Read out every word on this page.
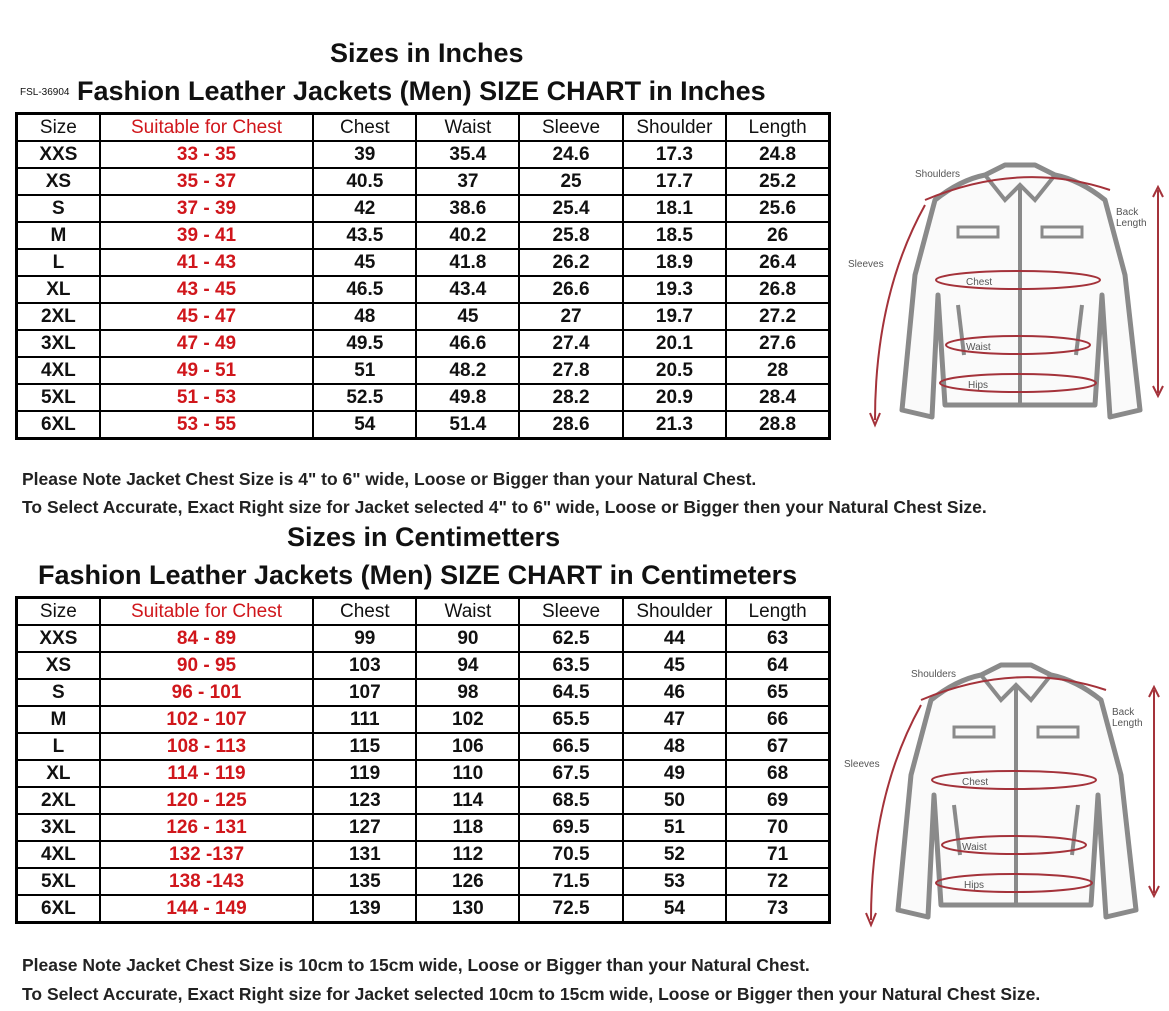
Sizes in Inches
FSL-36904 Fashion Leather Jackets (Men) SIZE CHART in Inches
Size	Suitable for Chest	Chest	Waist	Sleeve	Shoulder	Length
XXS	33 - 35	39	35.4	24.6	17.3	24.8
XS	35 - 37	40.5	37	25	17.7	25.2
S	37 - 39	42	38.6	25.4	18.1	25.6
M	39 - 41	43.5	40.2	25.8	18.5	26
L	41 - 43	45	41.8	26.2	18.9	26.4
XL	43 - 45	46.5	43.4	26.6	19.3	26.8
2XL	45 - 47	48	45	27	19.7	27.2
3XL	47 - 49	49.5	46.6	27.4	20.1	27.6
4XL	49 - 51	51	48.2	27.8	20.5	28
5XL	51 - 53	52.5	49.8	28.2	20.9	28.4
6XL	53 - 55	54	51.4	28.6	21.3	28.8
Please Note Jacket Chest Size is 4" to 6" wide, Loose or Bigger than your Natural Chest.
To Select Accurate, Exact Right size for Jacket selected 4" to 6" wide, Loose or Bigger then your Natural Chest Size.
Sizes in Centimetters
Fashion Leather Jackets (Men) SIZE CHART in Centimeters
Size	Suitable for Chest	Chest	Waist	Sleeve	Shoulder	Length
XXS	84 - 89	99	90	62.5	44	63
XS	90 - 95	103	94	63.5	45	64
S	96 - 101	107	98	64.5	46	65
M	102 - 107	111	102	65.5	47	66
L	108 - 113	115	106	66.5	48	67
XL	114 - 119	119	110	67.5	49	68
2XL	120 - 125	123	114	68.5	50	69
3XL	126 - 131	127	118	69.5	51	70
4XL	132 -137	131	112	70.5	52	71
5XL	138 -143	135	126	71.5	53	72
6XL	144 - 149	139	130	72.5	54	73
Please Note Jacket Chest Size is 10cm to 15cm wide, Loose or Bigger than your Natural Chest.
To Select Accurate, Exact Right size for Jacket selected 10cm to 15cm wide, Loose or Bigger then your Natural Chest Size.
Shoulders
Back
Length
Sleeves
Chest
Waist
Hips
Shoulders
Back
Length
Sleeves
Chest
Waist
Hips
